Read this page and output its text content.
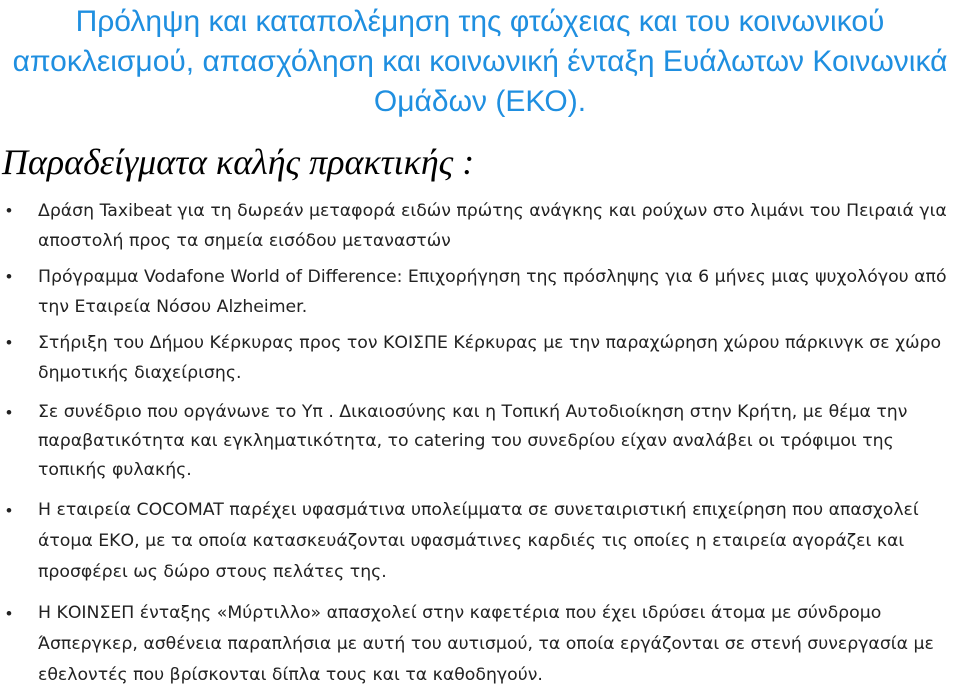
Πρόληψη και καταπολέμηση της φτώχειας και του κοινωνικού αποκλεισμού, απασχόληση και κοινωνική ένταξη Ευάλωτων Κοινωνικά Ομάδων (ΕΚΟ).
Παραδείγματα καλής πρακτικής :
• Δράση Taxibeat για τη δωρεάν μεταφορά ειδών πρώτης ανάγκης και ρούχων στο λιμάνι του Πειραιά για αποστολή προς τα σημεία εισόδου μεταναστών
• Πρόγραμμα Vodafone World of Difference: Επιχορήγηση της πρόσληψης για 6 μήνες μιας ψυχολόγου από την Εταιρεία Νόσου Alzheimer.
• Στήριξη του Δήμου Κέρκυρας προς τον ΚΟΙΣΠΕ Κέρκυρας με την παραχώρηση χώρου πάρκινγκ σε χώρο δημοτικής διαχείρισης.
• Σε συνέδριο που οργάνωνε το Υπ . Δικαιοσύνης και η Τοπική Αυτοδιοίκηση στην Κρήτη, με θέμα την παραβατικότητα και εγκληματικότητα, το catering του συνεδρίου είχαν αναλάβει οι τρόφιμοι της τοπικής φυλακής.
• Η εταιρεία COCOMAT παρέχει υφασμάτινα υπολείμματα σε συνεταιριστική επιχείρηση που απασχολεί άτομα ΕΚΟ, με τα οποία κατασκευάζονται υφασμάτινες καρδιές τις οποίες η εταιρεία αγοράζει και προσφέρει ως δώρο στους πελάτες της.
• Η ΚΟΙΝΣΕΠ ένταξης «Μύρτιλλο» απασχολεί στην καφετέρια που έχει ιδρύσει άτομα με σύνδρομο Άσπεργκερ, ασθένεια παραπλήσια με αυτή του αυτισμού, τα οποία εργάζονται σε στενή συνεργασία με εθελοντές που βρίσκονται δίπλα τους και τα καθοδηγούν.
